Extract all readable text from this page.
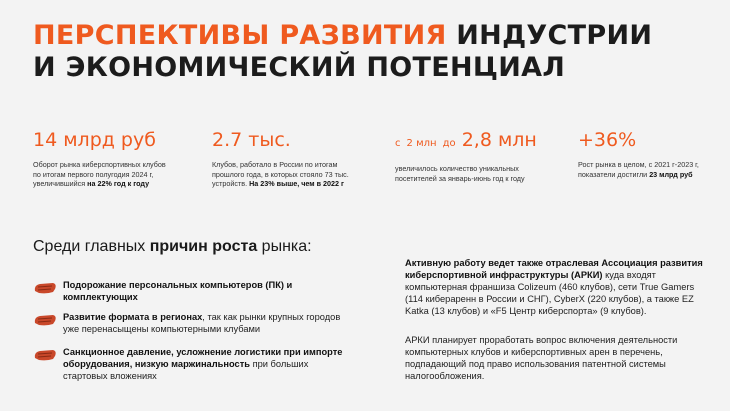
ПЕРСПЕКТИВЫ РАЗВИТИЯ ИНДУСТРИИ
И ЭКОНОМИЧЕСКИЙ ПОТЕНЦИАЛ
14 млрд руб
Оборот рынка киберспортивных клубов по итогам первого полугодия 2024 г, увеличившийся на 22% год к году
2.7 тыс.
Клубов, работало в России по итогам прошлого года, в которых стояло 73 тыс. устройств. На 23% выше, чем в 2022 г
с 2 млн до 2,8 млн
увеличилось количество уникальных посетителей за январь-июнь год к году
+36%
Рост рынка в целом, с 2021 г-2023 г, показатели достигли 23 млрд руб
Среди главных причин роста рынка:
Подорожание персональных компьютеров (ПК) и комплектующих
Развитие формата в регионах, так как рынки крупных городов уже перенасыщены компьютерными клубами
Санкционное давление, усложнение логистики при импорте оборудования, низкую маржинальность при больших стартовых вложениях
Активную работу ведет также отраслевая Ассоциация развития киберспортивной инфраструктуры (АРКИ) куда входят компьютерная франшиза Colizeum (460 клубов), сети True Gamers (114 кибераренн в России и СНГ), CyberX (220 клубов), а также EZ Katka (13 клубов) и «F5 Центр киберспорта» (9 клубов).
АРКИ планирует проработать вопрос включения деятельности компьютерных клубов и киберспортивных арен в перечень, подпадающий под право использования патентной системы налогообложения.
